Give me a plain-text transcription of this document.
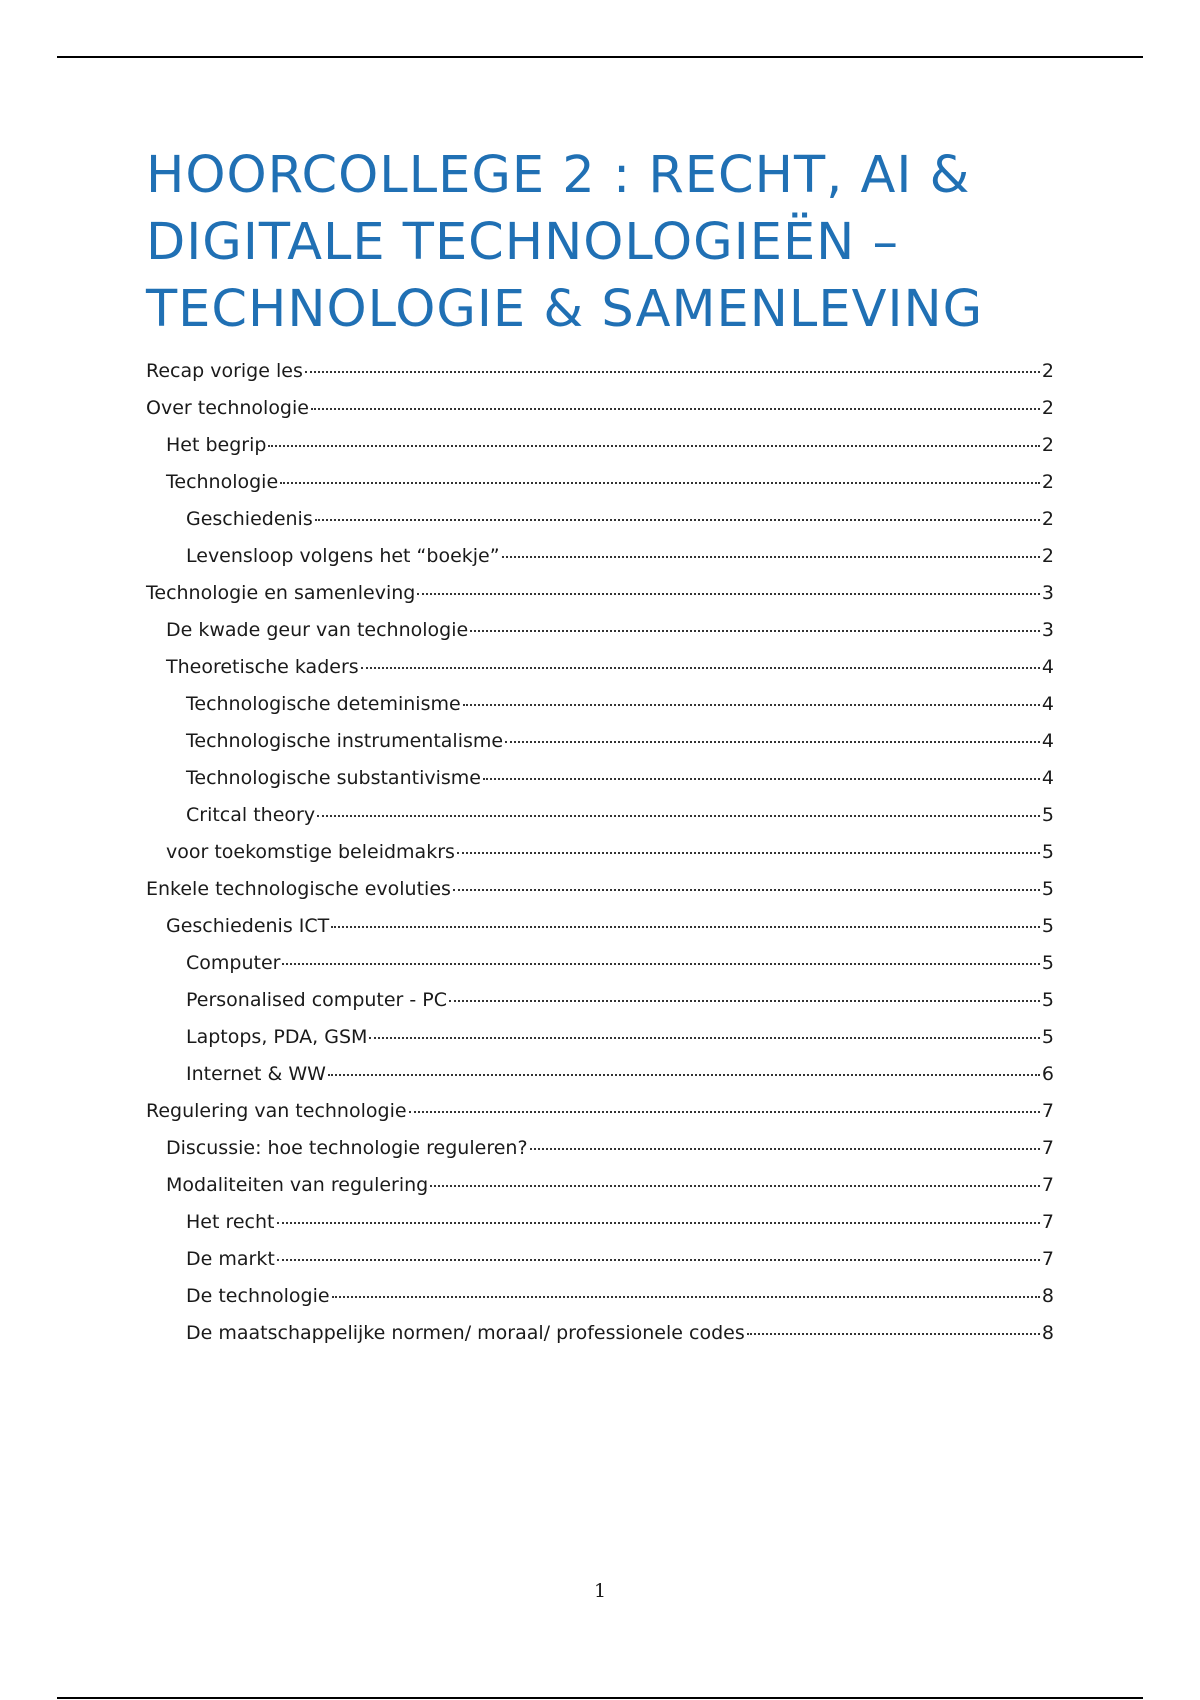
HOORCOLLEGE 2 : RECHT, AI &
DIGITALE TECHNOLOGIEËN –
TECHNOLOGIE & SAMENLEVING
Recap vorige les	2
Over technologie	2
Het begrip	2
Technologie	2
Geschiedenis	2
Levensloop volgens het “boekje”	2
Technologie en samenleving	3
De kwade geur van technologie	3
Theoretische kaders	4
Technologische deteminisme	4
Technologische instrumentalisme	4
Technologische substantivisme	4
Critcal theory	5
voor toekomstige beleidmakrs	5
Enkele technologische evoluties	5
Geschiedenis ICT	5
Computer	5
Personalised computer - PC	5
Laptops, PDA, GSM	5
Internet & WW	6
Regulering van technologie	7
Discussie: hoe technologie reguleren?	7
Modaliteiten van regulering	7
Het recht	7
De markt	7
De technologie	8
De maatschappelijke normen/ moraal/ professionele codes	8
1
